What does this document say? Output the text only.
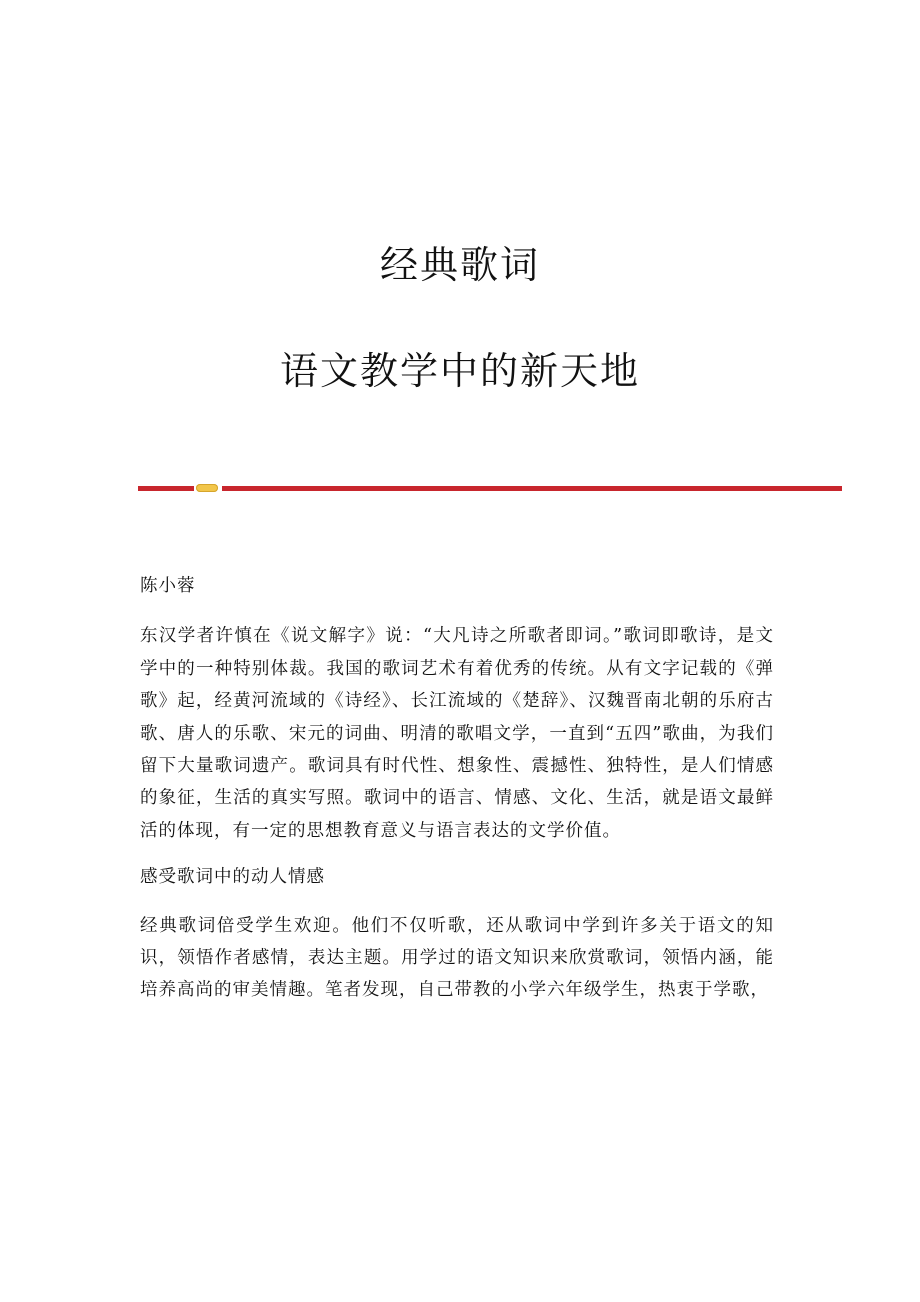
经典歌词
语文教学中的新天地

陈小蓉

东汉学者许慎在《说文解字》说：“大凡诗之所歌者即词。”歌词即歌诗，是文学中的一种特别体裁。我国的歌词艺术有着优秀的传统。从有文字记载的《弹歌》起，经黄河流域的《诗经》、长江流域的《楚辞》、汉魏晋南北朝的乐府古歌、唐人的乐歌、宋元的词曲、明清的歌唱文学，一直到“五四”歌曲，为我们留下大量歌词遗产。歌词具有时代性、想象性、震撼性、独特性，是人们情感的象征，生活的真实写照。歌词中的语言、情感、文化、生活，就是语文最鲜活的体现，有一定的思想教育意义与语言表达的文学价值。

感受歌词中的动人情感

经典歌词倍受学生欢迎。他们不仅听歌，还从歌词中学到许多关于语文的知识，领悟作者感情，表达主题。用学过的语文知识来欣赏歌词，领悟内涵，能培养高尚的审美情趣。笔者发现，自己带教的小学六年级学生，热衷于学歌，
